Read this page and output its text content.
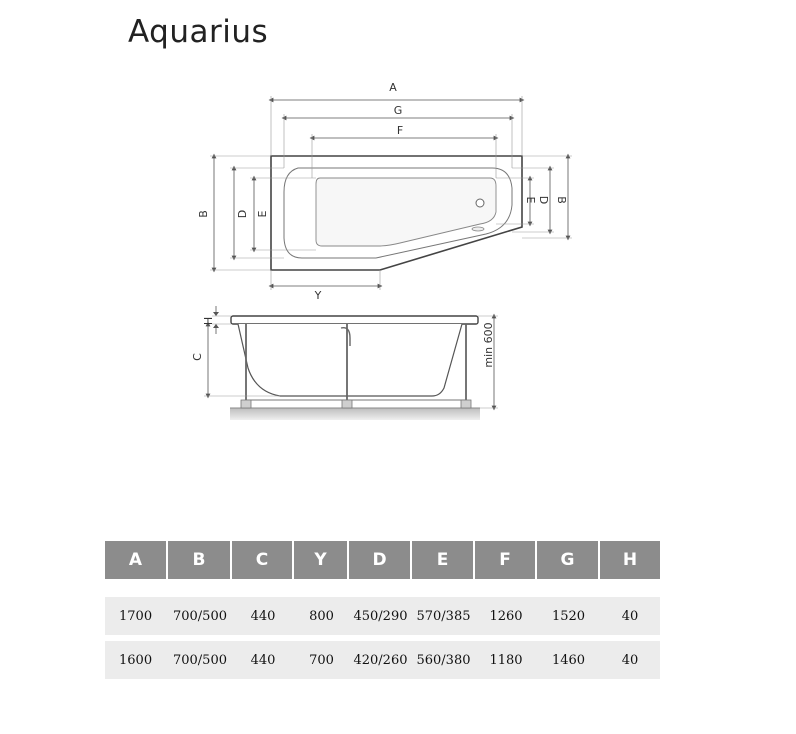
Aquarius
A
G
F
Y
B D E
E D B
H
C	min 600
A	B	C	Y	D	E	F	G	H

1700	700/500	440	800	450/290	570/385	1260	1520	40

1600	700/500	440	700	420/260	560/380	1180	1460	40
